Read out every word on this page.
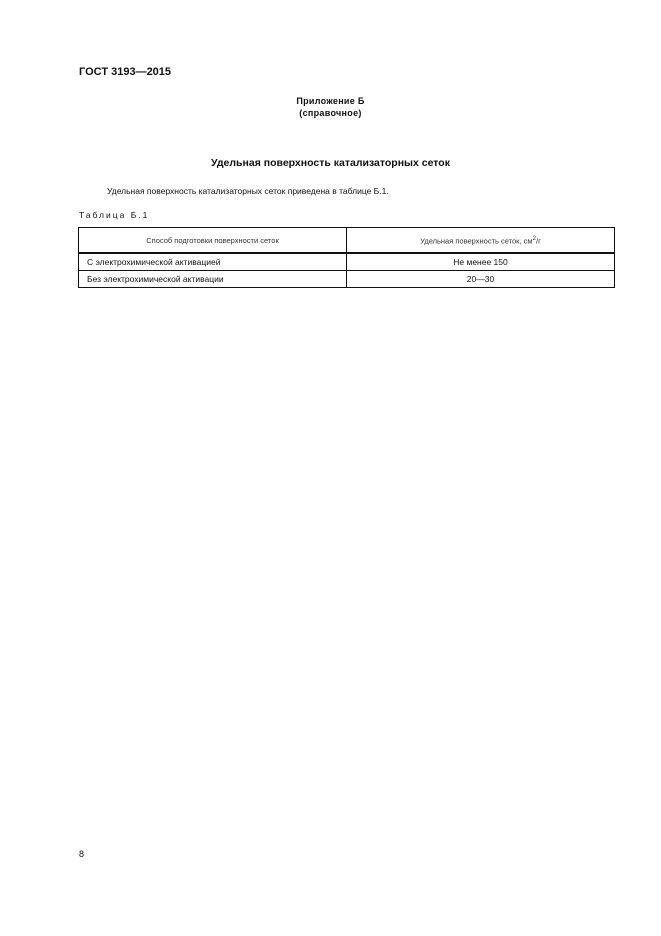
ГОСТ 3193—2015
Приложение Б
(справочное)
Удельная поверхность катализаторных сеток
Удельная поверхность катализаторных сеток приведена в таблице Б.1.
Таблица Б.1
Способ подготовки поверхности сеток	Удельная поверхность сеток, $см^2/г$
С электрохимической активацией	Не менее 150
Без электрохимической активации	20—30
8
